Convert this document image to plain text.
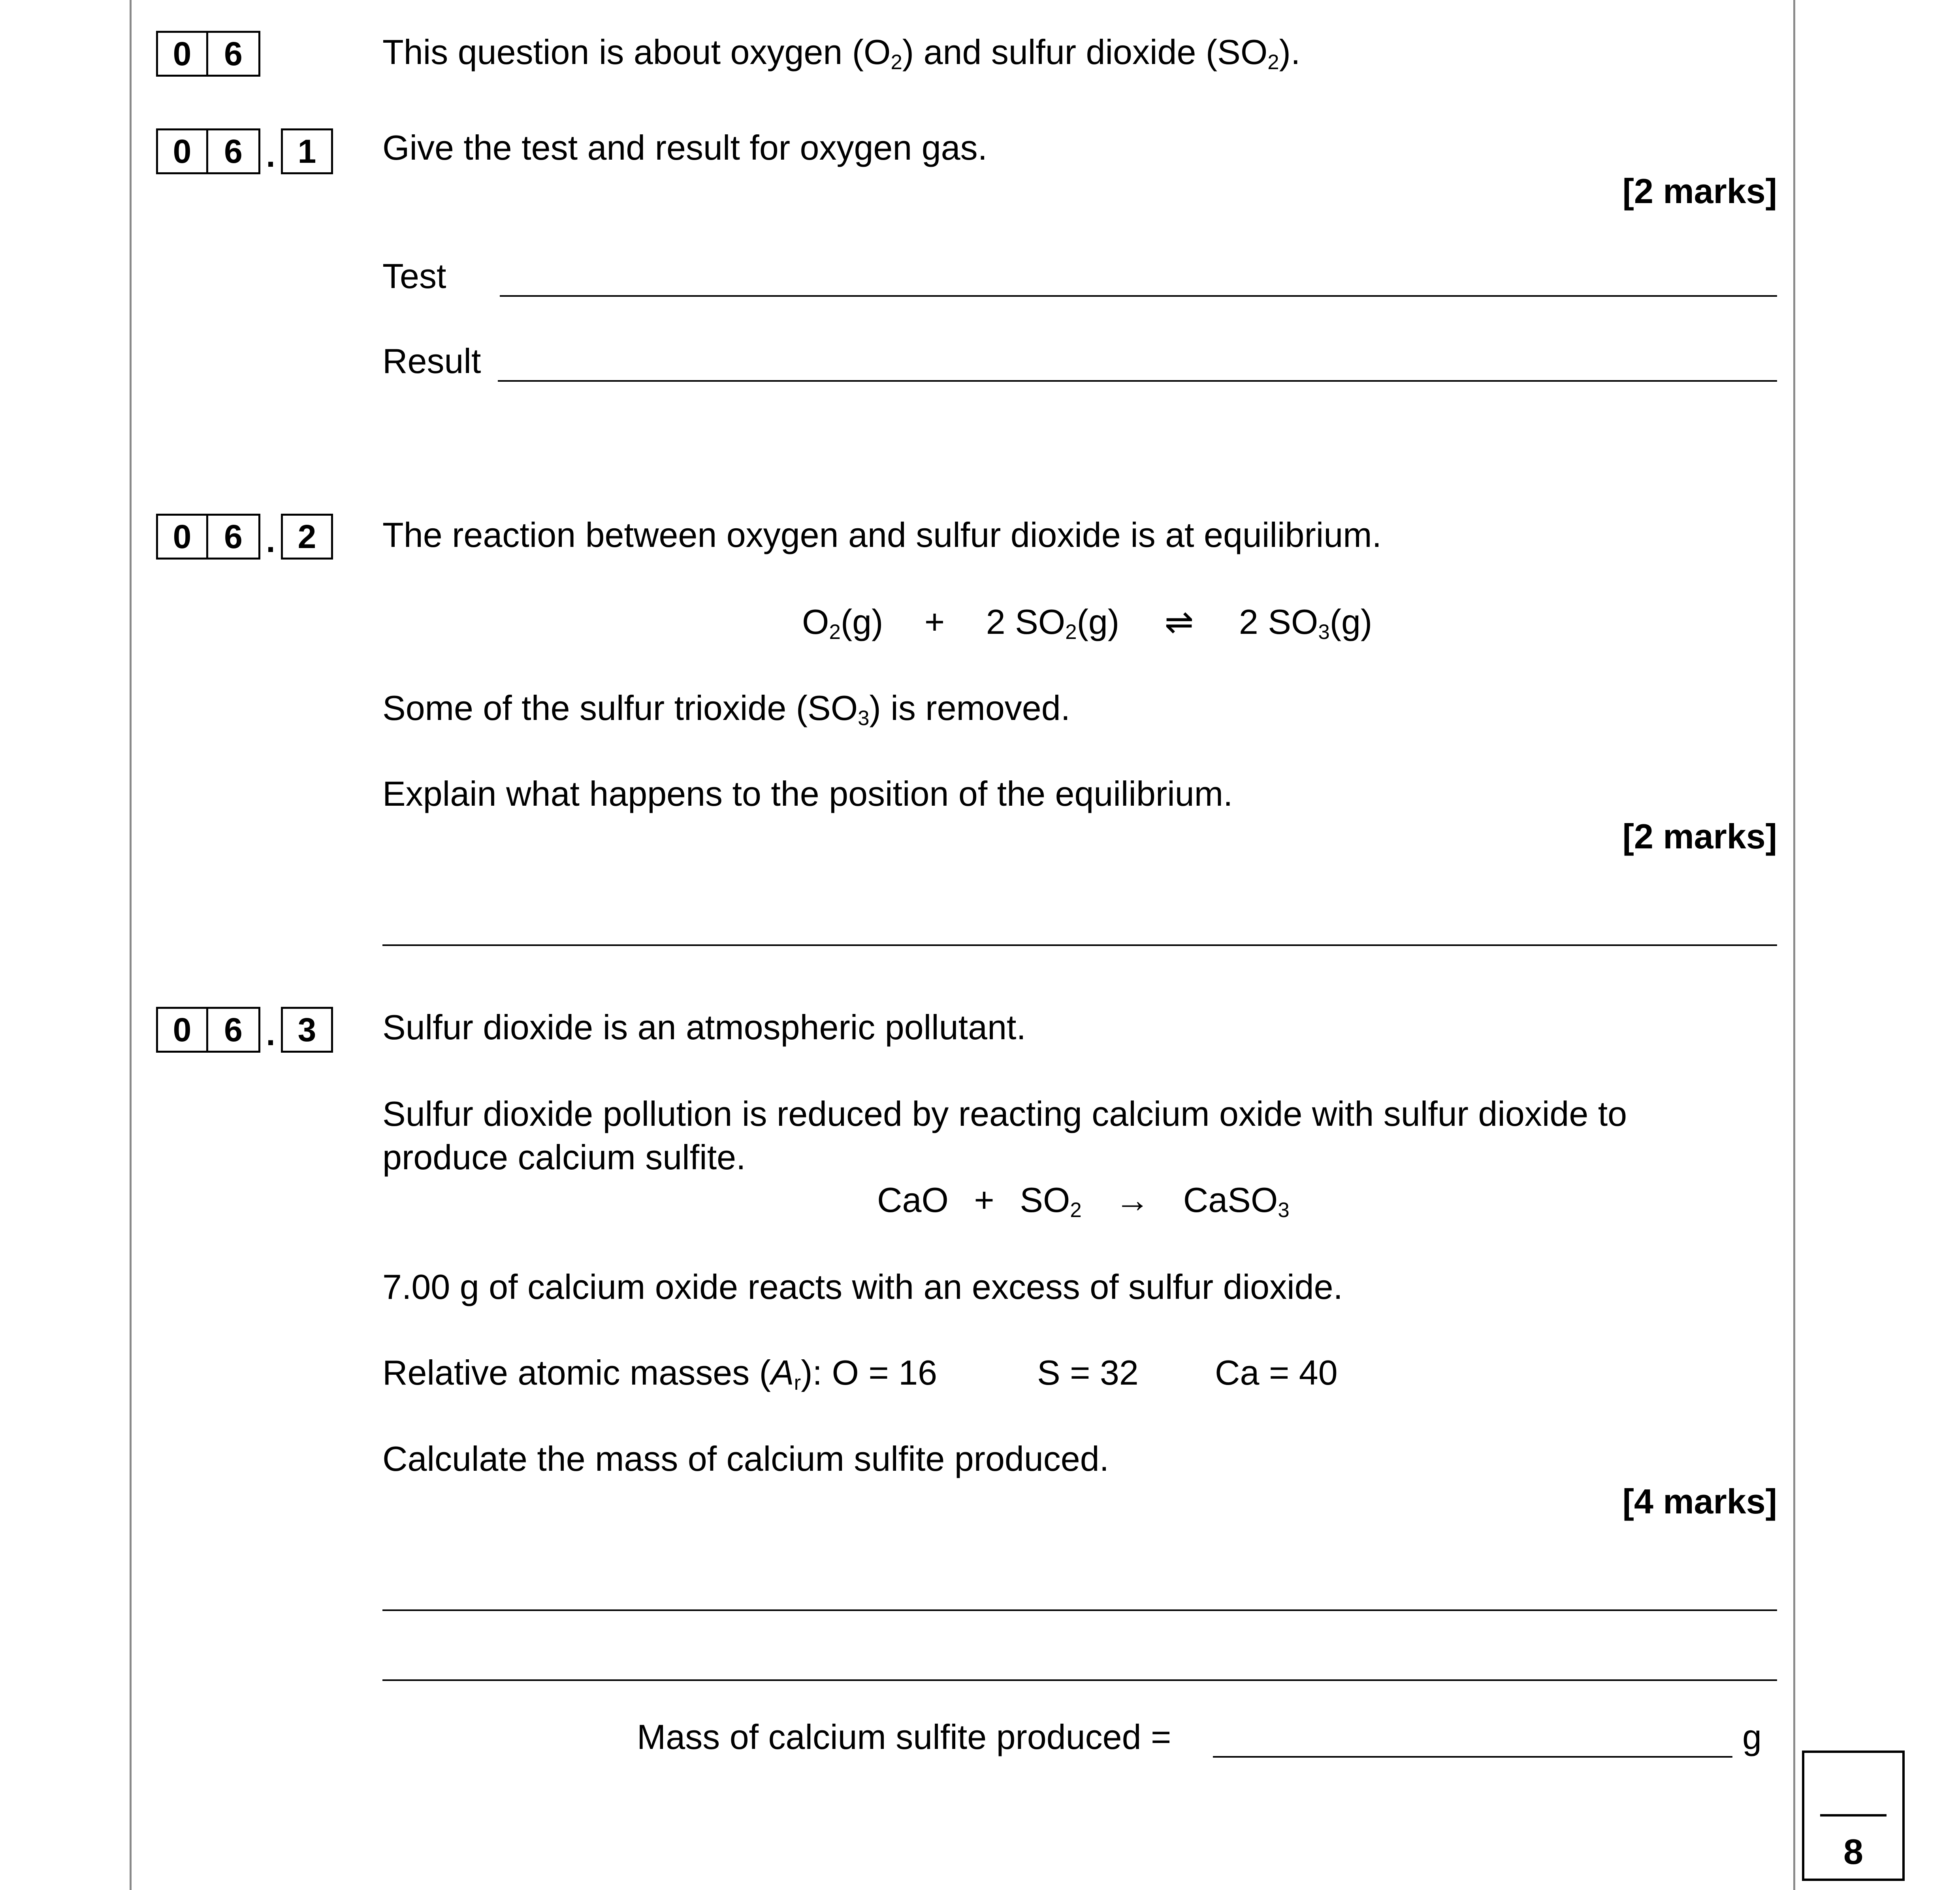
0 6	This question is about oxygen $(O_2)$ and sulfur dioxide $(SO_2)$.
0 6 . 1 Give the test and result for oxygen gas.
[2 marks]
Test
Result
0 6 . 2 The reaction between oxygen and sulfur dioxide is at equilibrium.
$O_2(g) + 2$ $SO_2(g)$ ⇌ 2 $SO_3(g)$
Some of the sulfur trioxide $(SO_3)$ is removed.
Explain what happens to the position of the equilibrium.
[2 marks]
0 6 . 3 Sulfur dioxide is an atmospheric pollutant.
Sulfur dioxide pollution is reduced by reacting calcium oxide with sulfur dioxide to
produce calcium sulfite.
CaO + $SO_2$ → CaSO$_3$
7.00 g of calcium oxide reacts with an excess of sulfur dioxide.
Relative atomic masses $(A_r)$: O = 16	S = 32 Ca = 40
Calculate the mass of calcium sulfite produced.
[4 marks]
Mass of calcium sulfite produced =	g
8
